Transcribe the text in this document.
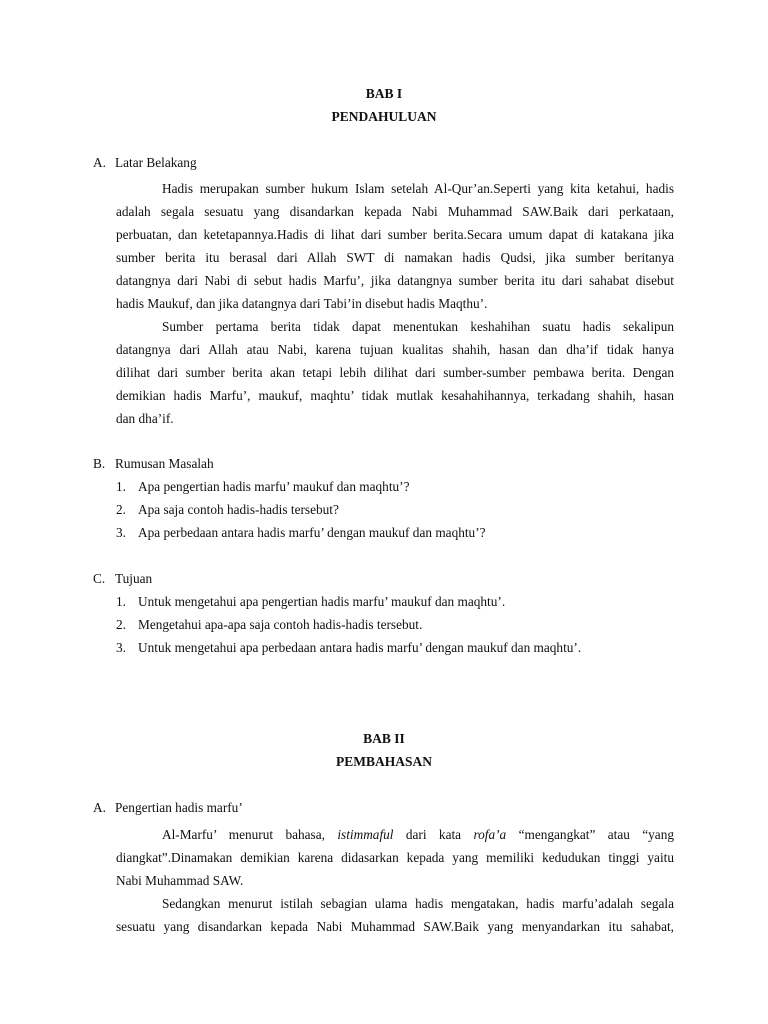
BAB I
PENDAHULUAN
A. Latar Belakang
Hadis merupakan sumber hukum Islam setelah Al-Qur’an.Seperti yang kita ketahui, hadis
adalah segala sesuatu yang disandarkan kepada Nabi Muhammad SAW.Baik dari perkataan,
perbuatan, dan ketetapannya.Hadis di lihat dari sumber berita.Secara umum dapat di katakana jika
sumber berita itu berasal dari Allah SWT di namakan hadis Qudsi, jika sumber beritanya
datangnya dari Nabi di sebut hadis Marfu’, jika datangnya sumber berita itu dari sahabat disebut
hadis Maukuf, dan jika datangnya dari Tabi’in disebut hadis Maqthu’.
Sumber pertama berita tidak dapat menentukan keshahihan suatu hadis sekalipun
datangnya dari Allah atau Nabi, karena tujuan kualitas shahih, hasan dan dha’if tidak hanya
dilihat dari sumber berita akan tetapi lebih dilihat dari sumber-sumber pembawa berita. Dengan
demikian hadis Marfu’, maukuf, maqhtu’ tidak mutlak kesahahihannya, terkadang shahih, hasan
dan dha’if.
B. Rumusan Masalah
1. Apa pengertian hadis marfu’ maukuf dan maqhtu’?
2. Apa saja contoh hadis-hadis tersebut?
3. Apa perbedaan antara hadis marfu’ dengan maukuf dan maqhtu’?
C. Tujuan
1. Untuk mengetahui apa pengertian hadis marfu’ maukuf dan maqhtu’.
2. Mengetahui apa-apa saja contoh hadis-hadis tersebut.
3. Untuk mengetahui apa perbedaan antara hadis marfu’ dengan maukuf dan maqhtu’.
BAB II
PEMBAHASAN
A. Pengertian hadis marfu’
Al-Marfu’ menurut bahasa, istimmaful dari kata rofa’a “mengangkat” atau “yang
diangkat”.Dinamakan demikian karena didasarkan kepada yang memiliki kedudukan tinggi yaitu
Nabi Muhammad SAW.
Sedangkan menurut istilah sebagian ulama hadis mengatakan, hadis marfu’adalah segala
sesuatu yang disandarkan kepada Nabi Muhammad SAW.Baik yang menyandarkan itu sahabat,
